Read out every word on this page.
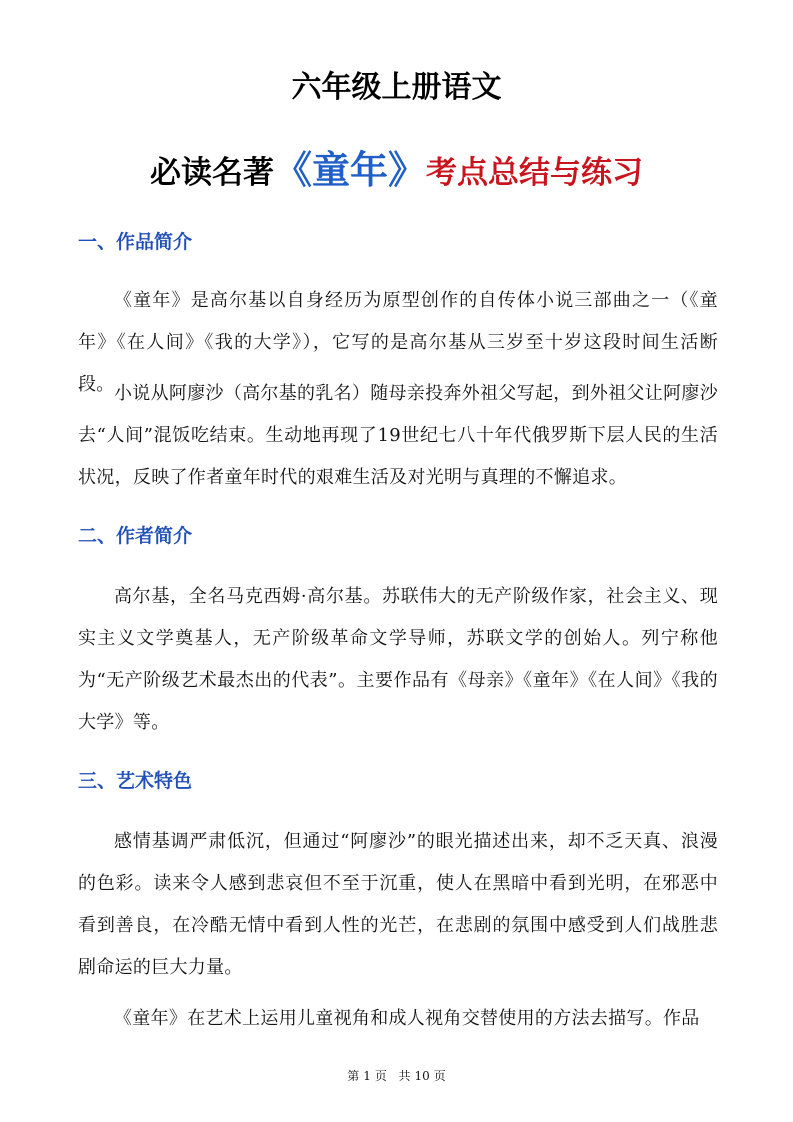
六年级上册语文
必读名著《童年》考点总结与练习
一、作品简介

《童年》是高尔基以自身经历为原型创作的自传体小说三部曲之一（《童年》《在人间》《我的大学》），它写的是高尔基从三岁至十岁这段时间生活断段。 小说从阿廖沙（高尔基的乳名）随母亲投奔外祖父写起，到外祖父让阿廖沙去“人间”混饭吃结束。生动地再现了19世纪七八十年代俄罗斯下层人民的生活状况，反映了作者童年时代的艰难生活及对光明与真理的不懈追求。

二、作者简介

高尔基，全名马克西姆·高尔基。苏联伟大的无产阶级作家，社会主义、现实主义文学奠基人，无产阶级革命文学导师，苏联文学的创始人。列宁称他为“无产阶级艺术最杰出的代表”。主要作品有《母亲》《童年》《在人间》《我的大学》等。

三、艺术特色

感情基调严肃低沉，但通过“阿廖沙”的眼光描述出来，却不乏天真、浪漫的色彩。读来令人感到悲哀但不至于沉重，使人在黑暗中看到光明，在邪恶中看到善良，在冷酷无情中看到人性的光芒，在悲剧的氛围中感受到人们战胜悲剧命运的巨大力量。

《童年》在艺术上运用儿童视角和成人视角交替使用的方法去描写。作品

第 1 页 共 10 页
